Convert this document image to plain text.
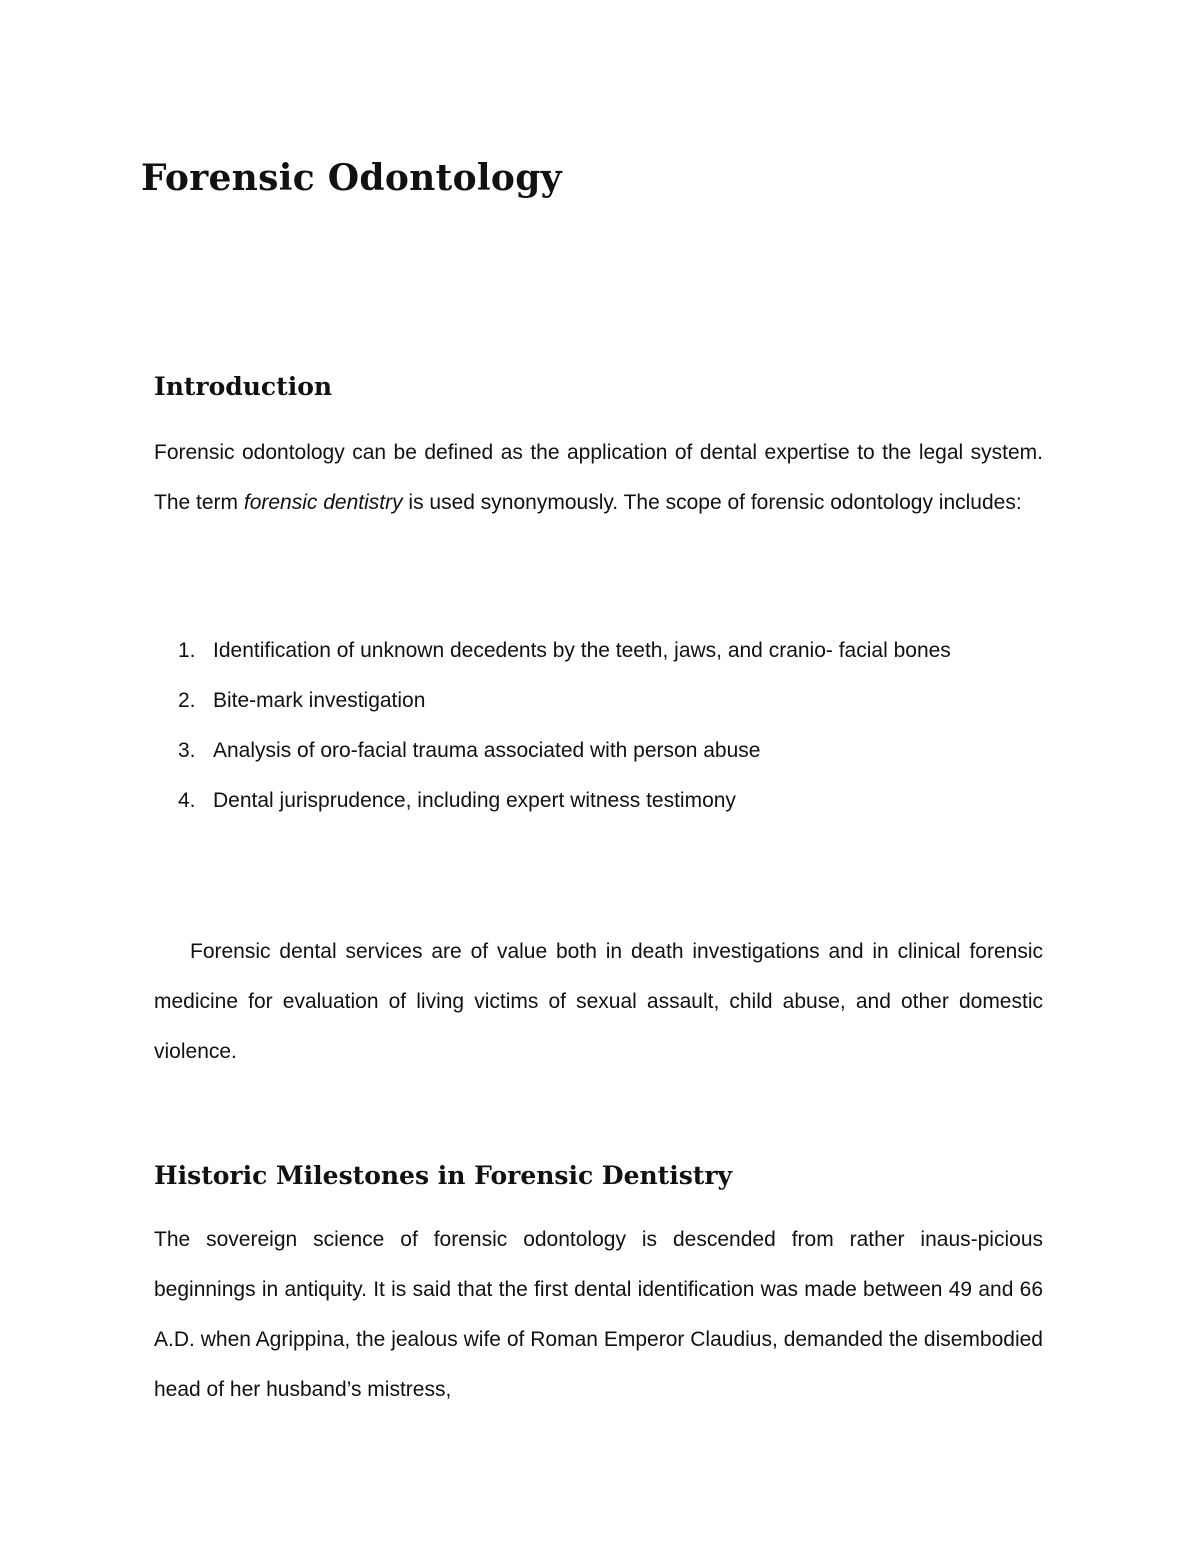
Forensic Odontology
Introduction

Forensic odontology can be defined as the application of dental expertise to the legal system. The term forensic dentistry is used synonymously. The scope of forensic odontology includes:

1. Identification of unknown decedents by the teeth, jaws, and cranio- facial bones
2. Bite-mark investigation
3. Analysis of oro-facial trauma associated with person abuse
4. Dental jurisprudence, including expert witness testimony

Forensic dental services are of value both in death investigations and in clinical forensic medicine for evaluation of living victims of sexual assault, child abuse, and other domestic violence.

Historic Milestones in Forensic Dentistry

The sovereign science of forensic odontology is descended from rather inaus-picious beginnings in antiquity. It is said that the first dental identification was made between 49 and 66 A.D. when Agrippina, the jealous wife of Roman Emperor Claudius, demanded the disembodied head of her husband’s mistress,
